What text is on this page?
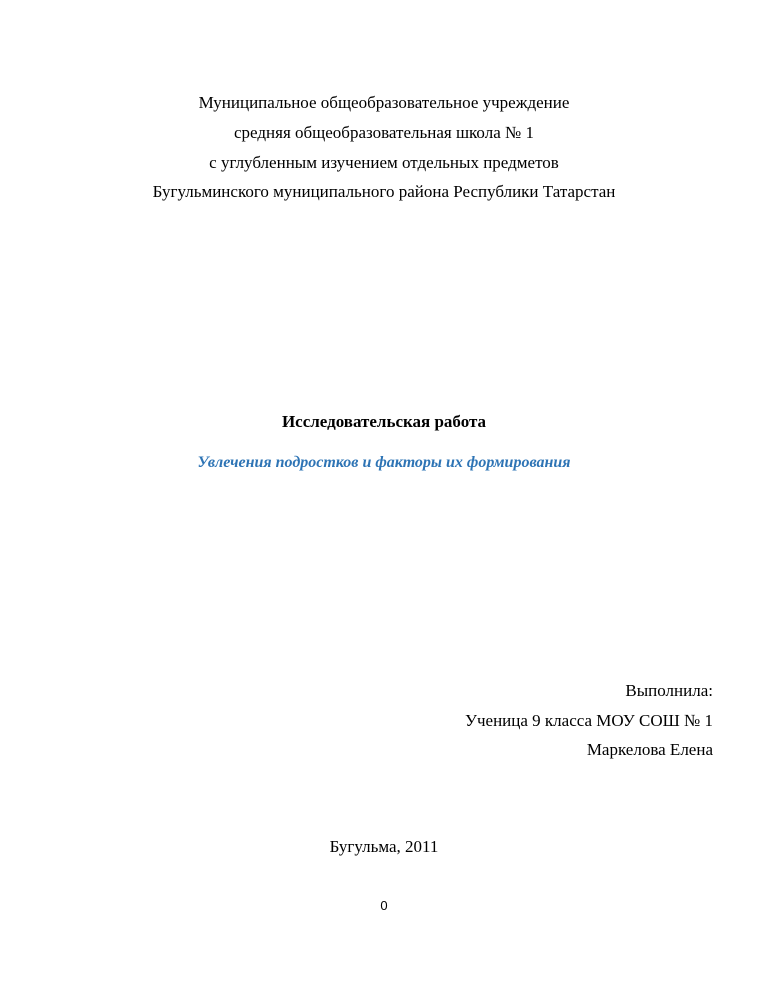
Муниципальное общеобразовательное учреждение
средняя общеобразовательная школа № 1
с углубленным изучением отдельных предметов
Бугульминского муниципального района Республики Татарстан
Исследовательская работа
Увлечения подростков и факторы их формирования
Выполнила:
Ученица 9 класса МОУ СОШ № 1
Маркелова Елена
Бугульма, 2011
0
